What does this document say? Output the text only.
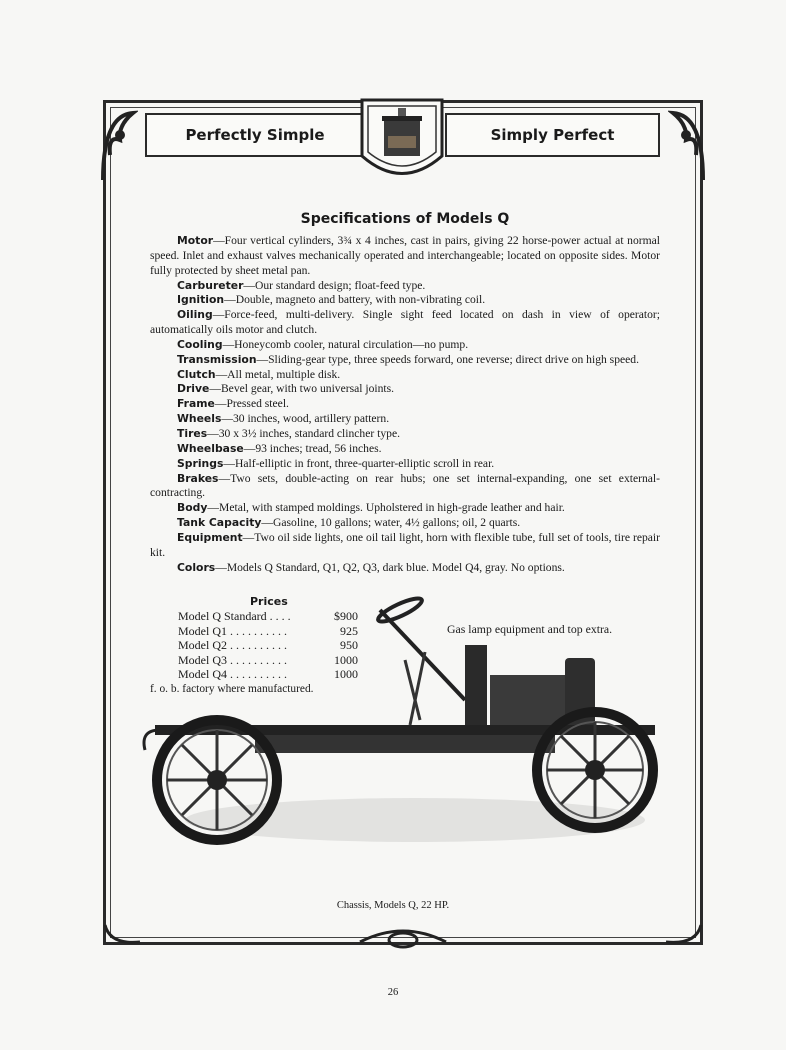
Perfectly Simple	Simply Perfect
Specifications of Models Q

Motor—Four vertical cylinders, 3¾ x 4 inches, cast in pairs, giving 22 horse-power actual at normal speed. Inlet and exhaust valves mechanically operated and interchangeable; located on opposite sides. Motor fully protected by sheet metal pan.

Carbureter—Our standard design; float-feed type.

Ignition—Double, magneto and battery, with non-vibrating coil.

Oiling—Force-feed, multi-delivery. Single sight feed located on dash in view of operator; automatically oils motor and clutch.

Cooling—Honeycomb cooler, natural circulation—no pump.

Transmission—Sliding-gear type, three speeds forward, one reverse; direct drive on high speed.

Clutch—All metal, multiple disk.

Drive—Bevel gear, with two universal joints.

Frame—Pressed steel.

Wheels—30 inches, wood, artillery pattern.

Tires—30 x 3½ inches, standard clincher type.

Wheelbase—93 inches; tread, 56 inches.

Springs—Half-elliptic in front, three-quarter-elliptic scroll in rear.

Brakes—Two sets, double-acting on rear hubs; one set internal-expanding, one set external-contracting.

Body—Metal, with stamped moldings. Upholstered in high-grade leather and hair.

Tank Capacity—Gasoline, 10 gallons; water, 4½ gallons; oil, 2 quarts.

Equipment—Two oil side lights, one oil tail light, horn with flexible tube, full set of tools, tire repair kit.

Colors—Models Q Standard, Q1, Q2, Q3, dark blue. Model Q4, gray. No options.

Prices
Model Q Standard . . . .	$900
Model Q1 . . . . . . . . . .	925
Model Q2 . . . . . . . . . .	950
Model Q3 . . . . . . . . . .	1000
Model Q4 . . . . . . . . . .	1000
f. o. b. factory where manufactured.
Gas lamp equipment and top extra.
Chassis, Models Q, 22 HP.
26
